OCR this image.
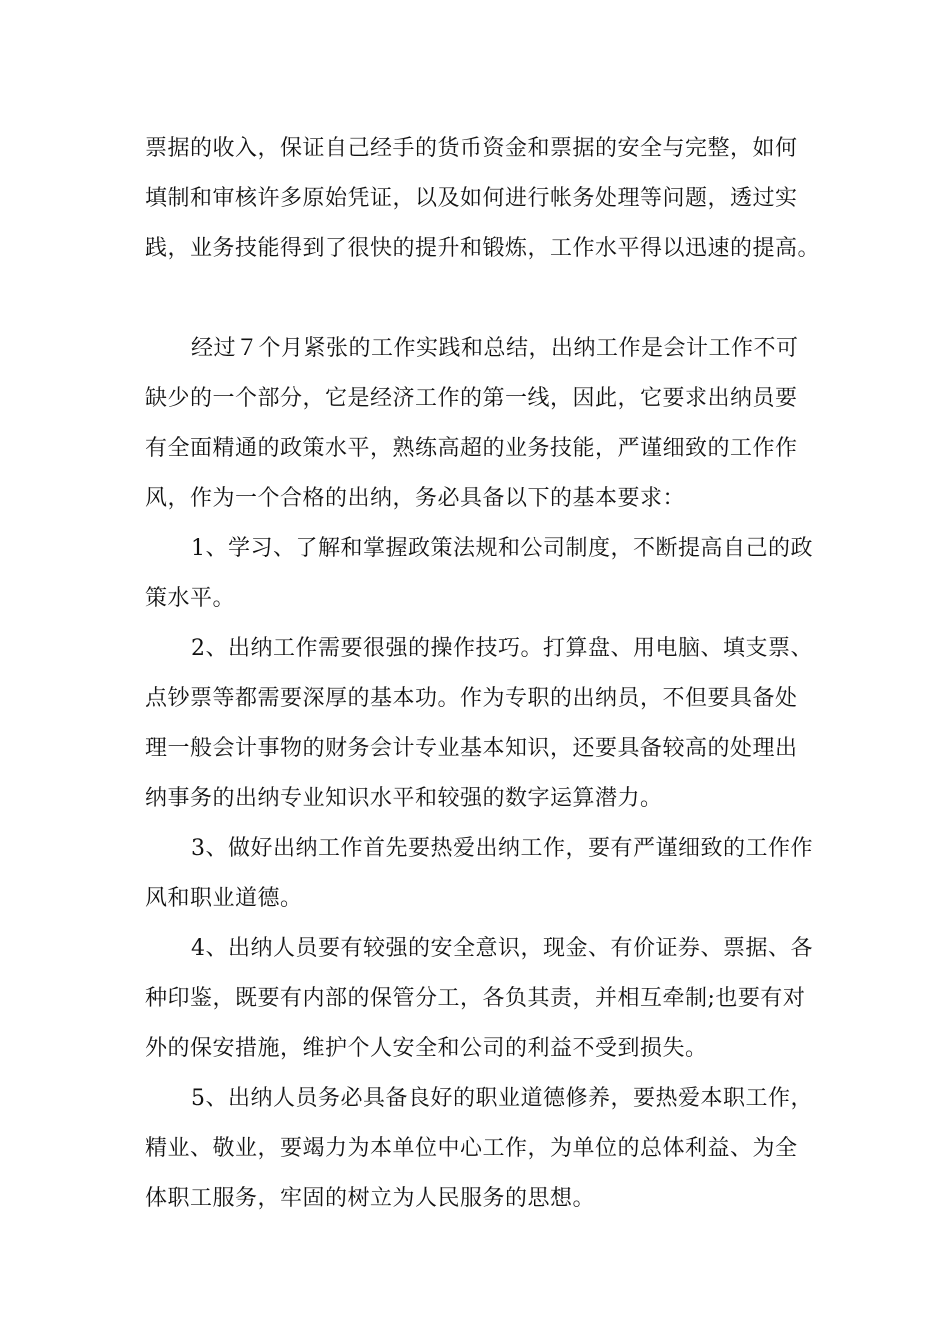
票据的收入，保证自己经手的货币资金和票据的安全与完整，如何
填制和审核许多原始凭证，以及如何进行帐务处理等问题，透过实
践，业务技能得到了很快的提升和锻炼，工作水平得以迅速的提高。
经过７个月紧张的工作实践和总结，出纳工作是会计工作不可
缺少的一个部分，它是经济工作的第一线，因此，它要求出纳员要
有全面精通的政策水平，熟练高超的业务技能，严谨细致的工作作
风，作为一个合格的出纳，务必具备以下的基本要求：
1、学习、了解和掌握政策法规和公司制度，不断提高自己的政
策水平。
2、出纳工作需要很强的操作技巧。打算盘、用电脑、填支票、
点钞票等都需要深厚的基本功。作为专职的出纳员，不但要具备处
理一般会计事物的财务会计专业基本知识，还要具备较高的处理出
纳事务的出纳专业知识水平和较强的数字运算潜力。
3、做好出纳工作首先要热爱出纳工作，要有严谨细致的工作作
风和职业道德。
4、出纳人员要有较强的安全意识，现金、有价证券、票据、各
种印鉴，既要有内部的保管分工，各负其责，并相互牵制;也要有对
外的保安措施，维护个人安全和公司的利益不受到损失。
5、出纳人员务必具备良好的职业道德修养，要热爱本职工作，
精业、敬业，要竭力为本单位中心工作，为单位的总体利益、为全
体职工服务，牢固的树立为人民服务的思想。
